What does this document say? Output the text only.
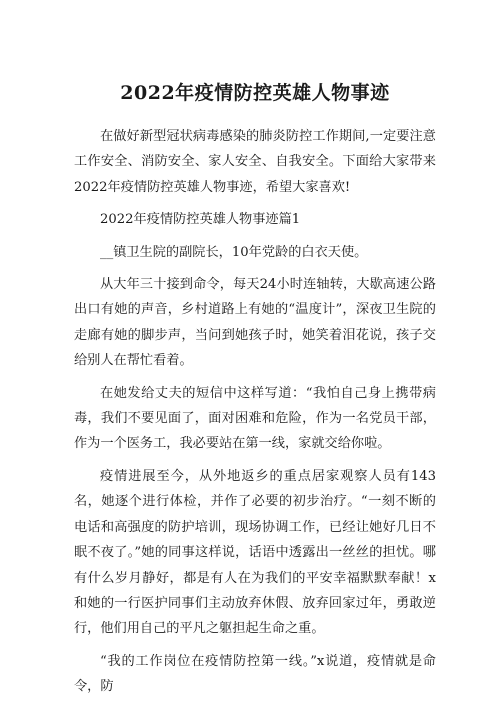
2022年疫情防控英雄人物事迹

在做好新型冠状病毒感染的肺炎防控工作期间,一定要注意工作安全、消防安全、家人安全、自我安全。下面给大家带来2022年疫情防控英雄人物事迹，希望大家喜欢!

2022年疫情防控英雄人物事迹篇1

__镇卫生院的副院长，10年党龄的白衣天使。

从大年三十接到命令，每天24小时连轴转，大歇高速公路出口有她的声音，乡村道路上有她的“温度计”，深夜卫生院的走廊有她的脚步声，当问到她孩子时，她笑着泪花说，孩子交给别人在帮忙看着。

在她发给丈夫的短信中这样写道：“我怕自己身上携带病毒，我们不要见面了，面对困难和危险，作为一名党员干部，作为一个医务工，我必要站在第一线，家就交给你啦。

疫情进展至今，从外地返乡的重点居家观察人员有143名，她逐个进行体检，并作了必要的初步治疗。“一刻不断的电话和高强度的防护培训，现场协调工作，已经让她好几日不眠不夜了。”她的同事这样说，话语中透露出一丝丝的担忧。哪有什么岁月静好，都是有人在为我们的平安幸福默默奉献！x和她的一行医护同事们主动放弃休假、放弃回家过年，勇敢逆行，他们用自己的平凡之躯担起生命之重。

“我的工作岗位在疫情防控第一线。”x说道，疫情就是命令，防
